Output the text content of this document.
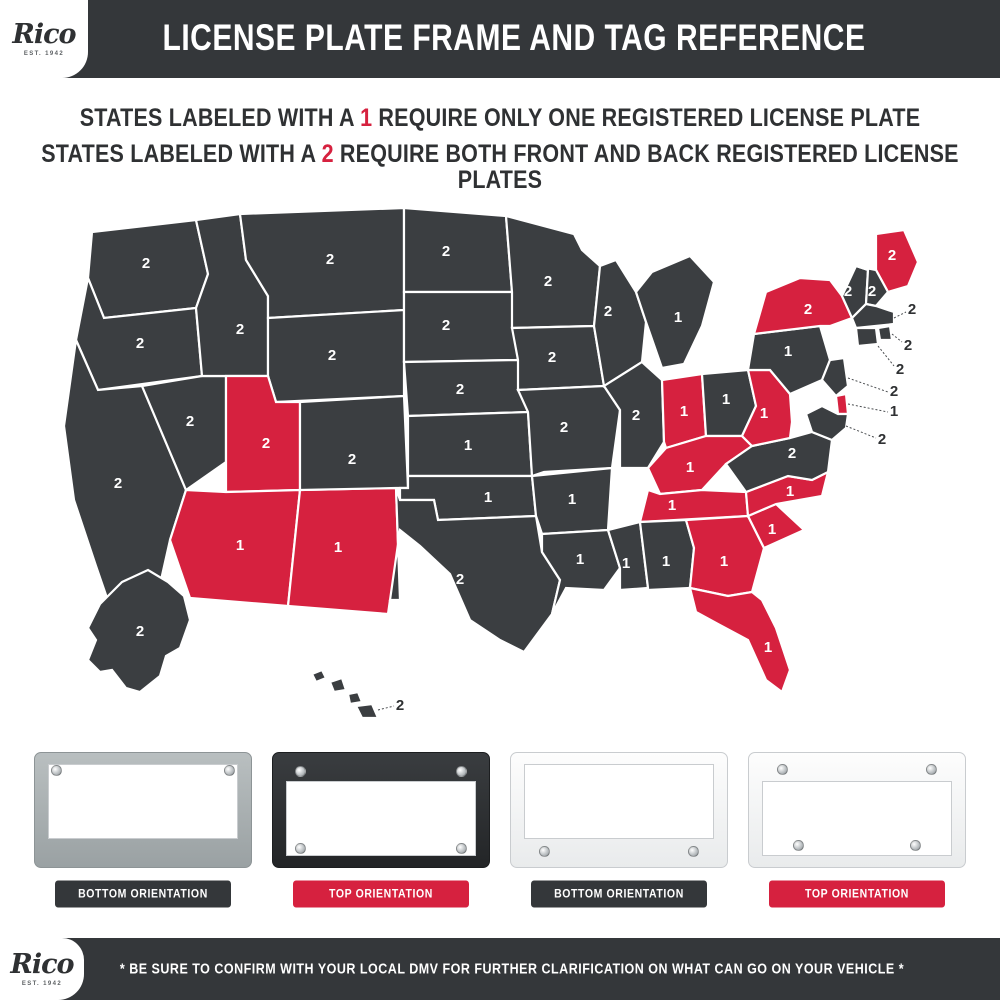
Rico
EST. 1942	LICENSE PLATE FRAME AND TAG REFERENCE

STATES LABELED WITH A 1 REQUIRE ONLY ONE REGISTERED LICENSE PLATE

STATES LABELED WITH A 2 REQUIRE BOTH FRONT AND BACK REGISTERED LICENSE PLATES

2
2
2
2
2
2
2
2
1	1
2
2
2
2
1
1
2
2
2
2
1
1
2
2
1
1
1
1
1
1 1	1
1
1
1
2
1
1
2
2 2
2
2
2
2
2
1
2
2
2
BOTTOM ORIENTATION	TOP ORIENTATION	BOTTOM ORIENTATION	TOP ORIENTATION
Rico
EST. 1942
* BE SURE TO CONFIRM WITH YOUR LOCAL DMV FOR FURTHER CLARIFICATION ON WHAT CAN GO ON YOUR VEHICLE *
